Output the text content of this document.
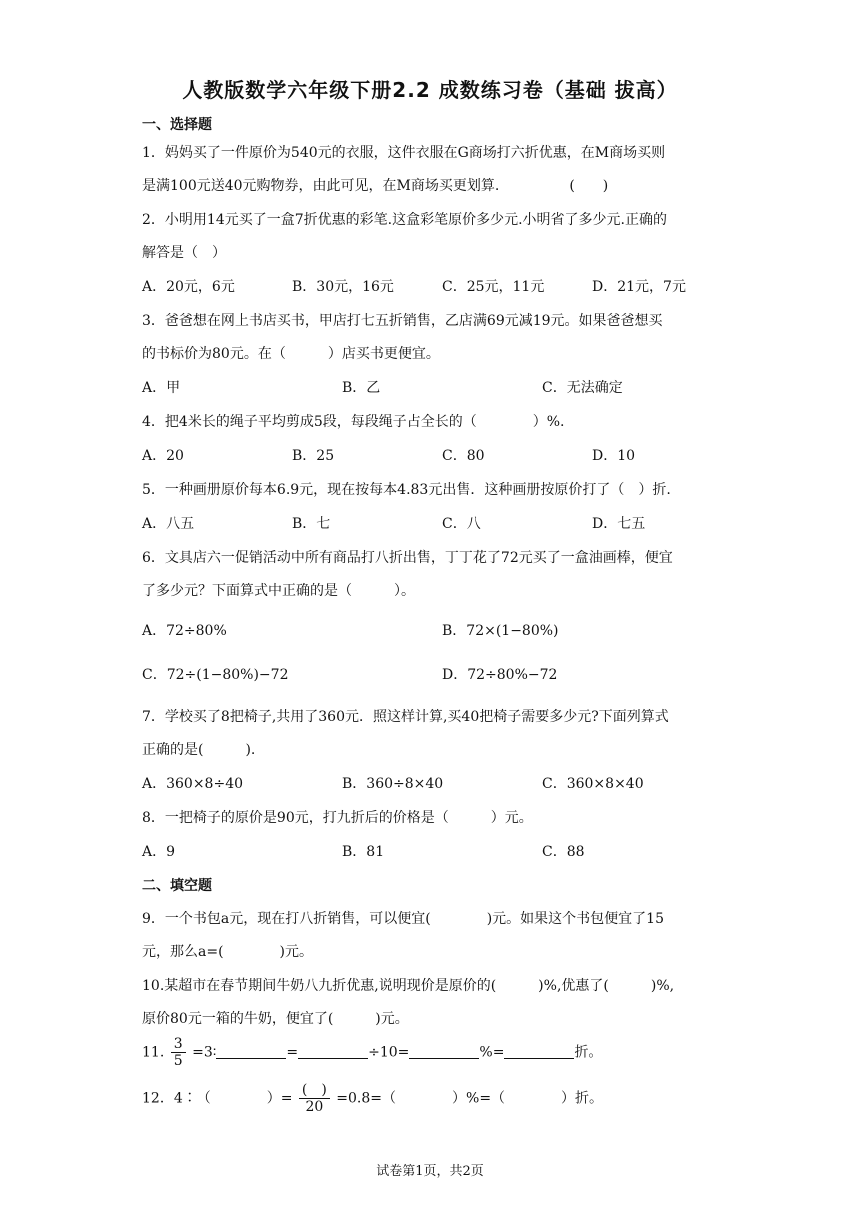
人教版数学六年级下册2.2 成数练习卷（基础 拔高）
一、选择题
1．妈妈买了一件原价为540元的衣服，这件衣服在G商场打六折优惠，在M商场买则
是满100元送40元购物券，由此可见，在M商场买更划算.　　　　　(　　)
2．小明用14元买了一盒7折优惠的彩笔.这盒彩笔原价多少元.小明省了多少元.正确的
解答是（　）
A．20元，6元	B．30元，16元	C．25元，11元	D．21元，7元
3．爸爸想在网上书店买书，甲店打七五折销售，乙店满69元减19元。如果爸爸想买
的书标价为80元。在（　　　）店买书更便宜。
A．甲	B．乙	C．无法确定
4．把4米长的绳子平均剪成5段，每段绳子占全长的（　　　　）%.
A．20	B．25	C．80	D．10
5．一种画册原价每本6.9元，现在按每本4.83元出售．这种画册按原价打了（　）折.
A．八五	B．七	C．八	D．七五
6．文具店六一促销活动中所有商品打八折出售，丁丁花了72元买了一盒油画棒，便宜
了多少元？下面算式中正确的是（　　　）。
A．72÷80%	B．72×(1−80%)
C．72÷(1−80%)−72	D．72÷80%−72
7．学校买了8把椅子,共用了360元．照这样计算,买40把椅子需要多少元?下面列算式
正确的是(　　　).
A．360×8÷40	B．360÷8×40	C．360×8×40
8．一把椅子的原价是90元，打九折后的价格是（　　　）元。
A．9	B．81	C．88
二、填空题
9．一个书包a元，现在打八折销售，可以便宜(　　　　)元。如果这个书包便宜了15
元，那么a=(　　　　)元。
10.某超市在春节期间牛奶八九折优惠,说明现价是原价的(　　　)%,优惠了(　　　)%,
原价80元一箱的牛奶，便宜了(　　　)元。
11. $\frac{3}{5}$ =3∶	=	÷10=	%=	折。
12．4∶（　　　　）= $\frac{( )}{20} =0.8=$（　　　　）%=（　　　　）折。
试卷第1页，共2页
